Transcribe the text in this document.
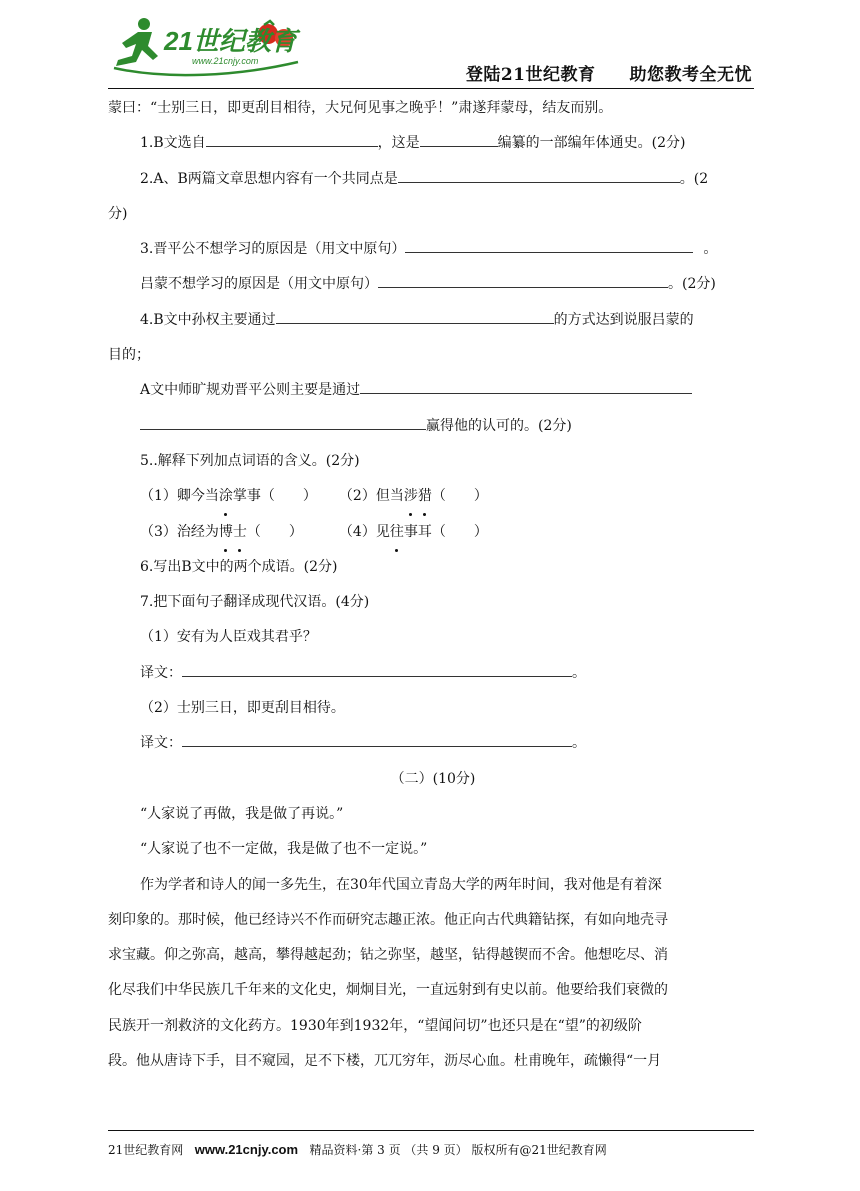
21世纪教育
www.21cnjy.com
登陆21世纪教育 助您教考全无忧
蒙曰：“士别三日，即更刮目相待，大兄何见事之晚乎！”肃遂拜蒙母，结友而别。
1.B文选自	，这是	编纂的一部编年体通史。(2分)
2.A、B两篇文章思想内容有一个共同点是	。(2
分)
3.晋平公不想学习的原因是（用文中原句）	。
吕蒙不想学习的原因是（用文中原句）	。(2分)
4.B文中孙权主要通过	的方式达到说服吕蒙的
目的；
A文中师旷规劝晋平公则主要是通过
赢得他的认可的。(2分)
5..解释下列加点词语的含义。(2分)
（1）卿今当涂掌事（　　） （2）但当涉猎（　　）
（3）治经为博士（　　）	（4）见往事耳（　　）
6.写出B文中的两个成语。(2分)
7.把下面句子翻译成现代汉语。(4分)
（1）安有为人臣戏其君乎？
译文：	。
（2）士别三日，即更刮目相待。
译文：	。
（二）(10分)
“人家说了再做，我是做了再说。”
“人家说了也不一定做，我是做了也不一定说。”
作为学者和诗人的闻一多先生，在30年代国立青岛大学的两年时间，我对他是有着深
刻印象的。那时候，他已经诗兴不作而研究志趣正浓。他正向古代典籍钻探，有如向地壳寻
求宝藏。仰之弥高，越高，攀得越起劲；钻之弥坚，越坚，钻得越锲而不舍。他想吃尽、消
化尽我们中华民族几千年来的文化史，炯炯目光，一直远射到有史以前。他要给我们衰微的
民族开一剂救济的文化药方。1930年到1932年，“望闻问切”也还只是在“望”的初级阶
段。他从唐诗下手，目不窥园，足不下楼，兀兀穷年，沥尽心血。杜甫晚年，疏懒得“一月
21世纪教育网 www.21cnjy.com 精品资料·第 3 页 （共 9 页） 版权所有@21世纪教育网
